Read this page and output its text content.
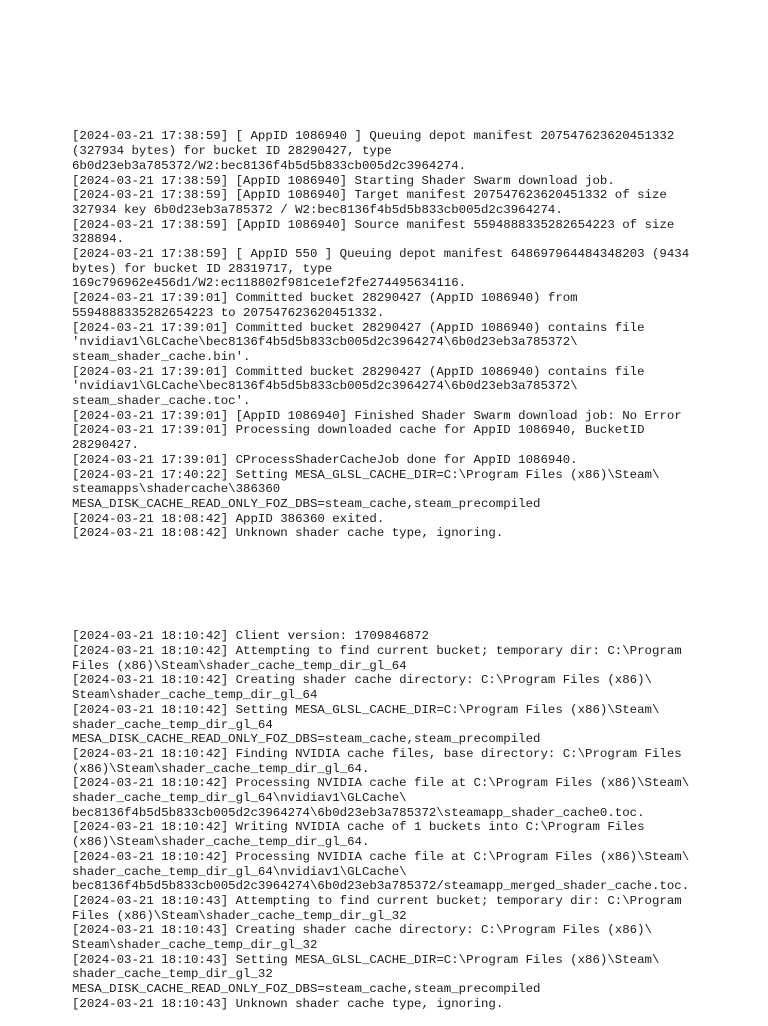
[2024-03-21 17:38:59] [ AppID 1086940 ] Queuing depot manifest 207547623620451332
(327934 bytes) for bucket ID 28290427, type
6b0d23eb3a785372/W2:bec8136f4b5d5b833cb005d2c3964274.
[2024-03-21 17:38:59] [AppID 1086940] Starting Shader Swarm download job.
[2024-03-21 17:38:59] [AppID 1086940] Target manifest 207547623620451332 of size
327934 key 6b0d23eb3a785372 / W2:bec8136f4b5d5b833cb005d2c3964274.
[2024-03-21 17:38:59] [AppID 1086940] Source manifest 5594888335282654223 of size
328894.
[2024-03-21 17:38:59] [ AppID 550 ] Queuing depot manifest 648697964484348203 (9434
bytes) for bucket ID 28319717, type
169c796962e456d1/W2:ec118802f981ce1ef2fe274495634116.
[2024-03-21 17:39:01] Committed bucket 28290427 (AppID 1086940) from
5594888335282654223 to 207547623620451332.
[2024-03-21 17:39:01] Committed bucket 28290427 (AppID 1086940) contains file
'nvidiav1\GLCache\bec8136f4b5d5b833cb005d2c3964274\6b0d23eb3a785372\
steam_shader_cache.bin'.
[2024-03-21 17:39:01] Committed bucket 28290427 (AppID 1086940) contains file
'nvidiav1\GLCache\bec8136f4b5d5b833cb005d2c3964274\6b0d23eb3a785372\
steam_shader_cache.toc'.
[2024-03-21 17:39:01] [AppID 1086940] Finished Shader Swarm download job: No Error
[2024-03-21 17:39:01] Processing downloaded cache for AppID 1086940, BucketID
28290427.
[2024-03-21 17:39:01] CProcessShaderCacheJob done for AppID 1086940.
[2024-03-21 17:40:22] Setting MESA_GLSL_CACHE_DIR=C:\Program Files (x86)\Steam\
steamapps\shadercache\386360
MESA_DISK_CACHE_READ_ONLY_FOZ_DBS=steam_cache,steam_precompiled
[2024-03-21 18:08:42] AppID 386360 exited.
[2024-03-21 18:08:42] Unknown shader cache type, ignoring.

[2024-03-21 18:10:42] Client version: 1709846872
[2024-03-21 18:10:42] Attempting to find current bucket; temporary dir: C:\Program
Files (x86)\Steam\shader_cache_temp_dir_gl_64
[2024-03-21 18:10:42] Creating shader cache directory: C:\Program Files (x86)\
Steam\shader_cache_temp_dir_gl_64
[2024-03-21 18:10:42] Setting MESA_GLSL_CACHE_DIR=C:\Program Files (x86)\Steam\
shader_cache_temp_dir_gl_64
MESA_DISK_CACHE_READ_ONLY_FOZ_DBS=steam_cache,steam_precompiled
[2024-03-21 18:10:42] Finding NVIDIA cache files, base directory: C:\Program Files
(x86)\Steam\shader_cache_temp_dir_gl_64.
[2024-03-21 18:10:42] Processing NVIDIA cache file at C:\Program Files (x86)\Steam\
shader_cache_temp_dir_gl_64\nvidiav1\GLCache\
bec8136f4b5d5b833cb005d2c3964274\6b0d23eb3a785372\steamapp_shader_cache0.toc.
[2024-03-21 18:10:42] Writing NVIDIA cache of 1 buckets into C:\Program Files
(x86)\Steam\shader_cache_temp_dir_gl_64.
[2024-03-21 18:10:42] Processing NVIDIA cache file at C:\Program Files (x86)\Steam\
shader_cache_temp_dir_gl_64\nvidiav1\GLCache\
bec8136f4b5d5b833cb005d2c3964274\6b0d23eb3a785372/steamapp_merged_shader_cache.toc.
[2024-03-21 18:10:43] Attempting to find current bucket; temporary dir: C:\Program
Files (x86)\Steam\shader_cache_temp_dir_gl_32
[2024-03-21 18:10:43] Creating shader cache directory: C:\Program Files (x86)\
Steam\shader_cache_temp_dir_gl_32
[2024-03-21 18:10:43] Setting MESA_GLSL_CACHE_DIR=C:\Program Files (x86)\Steam\
shader_cache_temp_dir_gl_32
MESA_DISK_CACHE_READ_ONLY_FOZ_DBS=steam_cache,steam_precompiled
[2024-03-21 18:10:43] Unknown shader cache type, ignoring.
